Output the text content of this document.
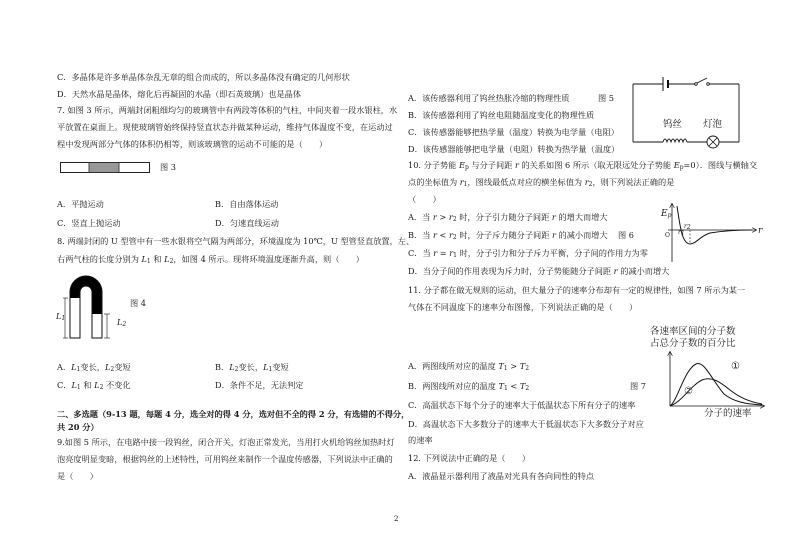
C．多晶体是许多单晶体杂乱无章的组合而成的，所以多晶体没有确定的几何形状
D．天然水晶是晶体，熔化后再凝固的水晶（即石英玻璃）也是晶体
7. 如图 3 所示，两端封闭粗细均匀的玻璃管中有两段等体积的气柱，中间夹着一段水银柱，水
平放置在桌面上。现使玻璃管始终保持竖直状态并做某种运动，维持气体温度不变，在运动过
程中发现两部分气体的体积仍相等，则该玻璃管的运动不可能的是（　　）
图 3
A．平抛运动	B．自由落体运动
C．竖直上抛运动	D．匀速直线运动
8. 两端封闭的 U 型管中有一些水银将空气隔为两部分，环境温度为 10℃，U 型管竖直放置，左、
右两气柱的长度分别为 $L_1$ 和 $L_2$，如图 4 所示。现将环境温度逐渐升高，则（　　）
$L_1$	$L_2$
图 4
A．$L_1$变长，$L_2$变短	B．$L_2$变长，$L_1$变短
C．$L_1$ 和 $L_2$ 不变化	D．条件不足，无法判定
二、多选题（9-13 题，每题 4 分，选全对的得 4 分，选对但不全的得 2 分，有选错的不得分，
共 20 分）
9.如图 5 所示，在电路中接一段钨丝，闭合开关，灯泡正常发光，当用打火机给钨丝加热时灯
泡亮度明显变暗，根据钨丝的上述特性，可用钨丝来制作一个温度传感器，下列说法中正确的
是（　　）
A．该传感器利用了钨丝热胀冷缩的物理性质	图 5
B．该传感器利用了钨丝电阻随温度变化的物理性质
C．该传感器能够把热学量（温度）转换为电学量（电阻）
D．该传感器能够把电学量（电阻）转换为热学量（温度）
钨丝 灯泡
10. 分子势能 $E_p$ 与分子间距 r 的关系如图 6 所示（取无限远处分子势能 $E_p=0$）．图线与横轴交
点的坐标值为 $r_1$，图线最低点对应的横坐标值为 $r_2$，则下列说法正确的是
（　　）
A．当 $r > r_2$ 时，分子引力随分子间距 r 的增大而增大
B．当 $r < r_2$ 时，分子斥力随分子间距 r 的减小而增大 图 6
C．当 $r = r_1$ 时，分子引力和分子斥力平衡，分子间的作用力为零
D．当分子间的作用表现为斥力时，分子势能随分子间距 r 的减小而增大
$E_p$
r
O $r_1$
$r_2$
11. 分子都在做无规则的运动，但大量分子的速率分布却有一定的规律性，如图 7 所示为某一
气体在不同温度下的速率分布图像，下列说法正确的是（　　）
各速率区间的分子数
占总分子数的百分比
①
②
分子的速率
A．两图线所对应的温度 $T_1 > T_2$
B．两图线所对应的温度 $T_1 < T_2$	图 7
C．高温状态下每个分子的速率大于低温状态下所有分子的速率
D．高温状态下大多数分子的速率大于低温状态下大多数分子对应
的速率
12. 下列说法中正确的是（　　）
A．液晶显示器利用了液晶对光具有各向同性的特点
2
